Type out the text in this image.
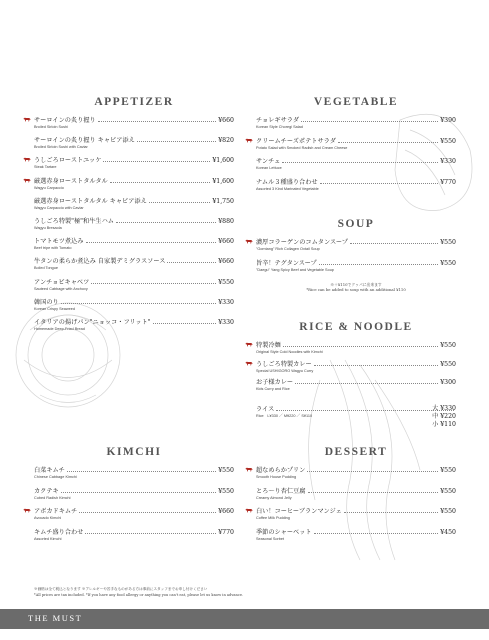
APPETIZER
サーロインの炙り握り	¥660
Broiled Sirloin Sushi
サーロインの炙り握り キャビア添え	¥820
Broiled Sirloin Sushi with Caviar
うしごろローストユッケ	¥1,600
Steak Tartare
厳選赤身ローストタルタル	¥1,600
Wagyu Carpaccio
厳選赤身ローストタルタル キャビア添え	¥1,750
Wagyu Carpaccio with Caviar
うしごろ特製"極"和牛生ハム	¥880
Wagyu Bresaola
トマトモツ煮込み	¥660
Beef tripe with Tomato
牛タンの柔らか煮込み 自家製デミグラスソース	¥660
Boiled Tongue
アンチョビキャベツ	¥550
Sauteed Cabbage with Anchovy
韓国のり	¥330
Korean Crispy Seaweed
イタリアの揚げパン"ニョッコ・フリット"	¥330
Homemade Deep-Fried Bread
KIMCHI
白菜キムチ	¥550
Chinese Cabbage Kimchi
カクテキ	¥550
Cubed Radish Kimchi
アボカドキムチ	¥660
Avocado Kimchi
キムチ盛り合わせ	¥770
Assorted Kimchi
VEGETABLE
チョレギサラダ	¥390
Korean Style Choregi Salad
クリームチーズポテトサラダ	¥550
Potato Salad with Smoked Radish and Cream Cheese
サンチュ	¥330
Korean Lettuce
ナムル３種盛り合わせ	¥770
Assorted 3 Kind Marinated Vegetable
SOUP
濃厚コラーゲンのコムタンスープ	¥550
"Gomtang" Rich Collagen Oxtail Soup
旨辛！テグタンスープ	¥550
"Daegu" Yang Spicy Beef and Vegetable Soup
※＋¥110でクッパに出来ます
*Rice can be added to soup with an additional ¥110
RICE & NOODLE
特製冷麺	¥550
Original Style Cold Noodles with Kimchi
うしごろ特製カレー	¥550
Special USHIGORO Wagyu Curry
お子様カレー	¥300
Kids Curry and Rice
ライス
Rice　L¥330 ／ M¥220 ／ S¥110
大 ¥330
中 ¥220
小 ¥110
DESSERT
超なめらかプリン	¥550
Smooth House Pudding
とろ〜り杏仁豆腐	¥550
Creamy Almond Jelly
白い！コーヒーブランマンジェ	¥550
Coffee Milk Pudding
季節のシャーベット	¥450
Seasonal Sorbet
※価格は全て税込となります ※アレルギーや苦手なものがある方は事前にスタッフまでお申し付けください
*All prices are tax included. *If you have any food allergy or anything you can't eat, please let us know in advance.
THE MUST
